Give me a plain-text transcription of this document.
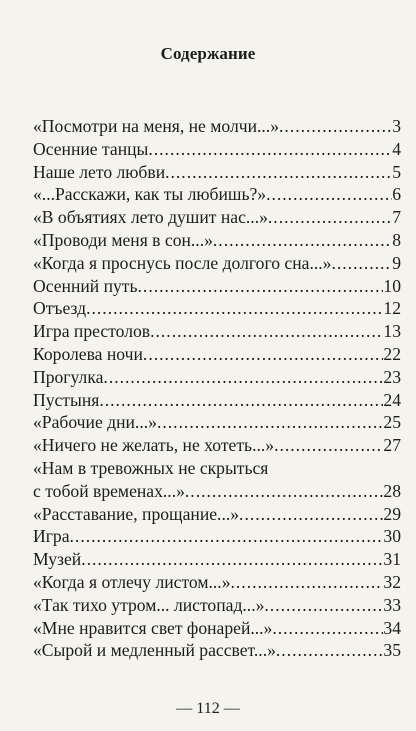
Содержание
«Посмотри на меня, не молчи...» .....	3
Осенние танцы .....	4
Наше лето любви .....	5
«...Расскажи, как ты любишь?» .....	6
«В объятиях лето душит нас...» .....	7
«Проводи меня в сон...» .....	8
«Когда я проснусь после долгого сна...» .....	9
Осенний путь .....	10
Отъезд .....	12
Игра престолов .....	13
Королева ночи .....	22
Прогулка .....	23
Пустыня .....	24
«Рабочие дни...» .....	25
«Ничего не желать, не хотеть...» .....	27
«Нам в тревожных не скрыться
с тобой временах...» .....	28
«Расставание, прощание...» .....	29
Игра .....	30
Музей .....	31
«Когда я отлечу листом...» .....	32
«Так тихо утром... листопад...» .....	33
«Мне нравится свет фонарей...» .....	34
«Сырой и медленный рассвет...» .....	35
— 112 —
